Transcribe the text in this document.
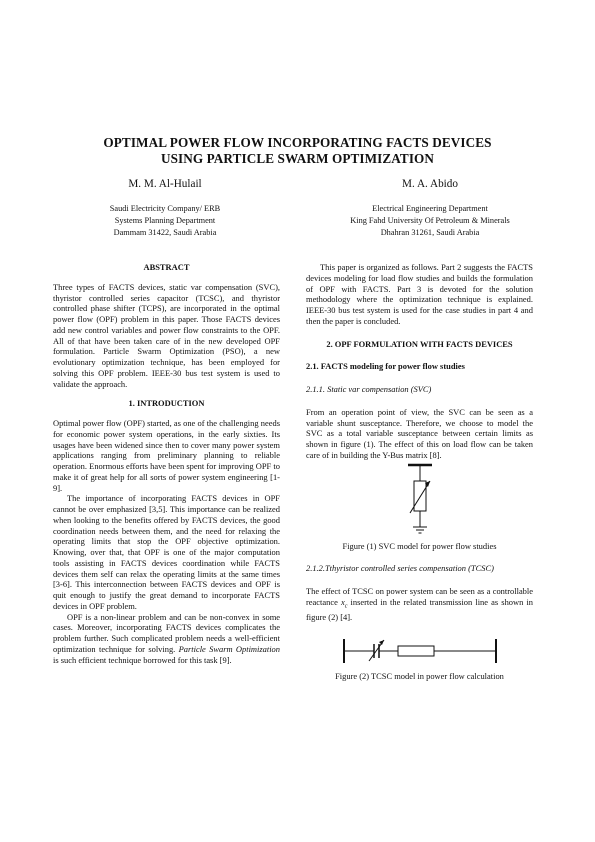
OPTIMAL POWER FLOW INCORPORATING FACTS DEVICES
USING PARTICLE SWARM OPTIMIZATION
M. M. Al-Hulail	M. A. Abido
Saudi Electricity Company/ ERB
Systems Planning Department
Dammam 31422, Saudi Arabia
Electrical Engineering Department
King Fahd University Of Petroleum & Minerals
Dhahran 31261, Saudi Arabia

ABSTRACT

Three types of FACTS devices, static var compensation (SVC), thyristor controlled series capacitor (TCSC), and thyristor controlled phase shifter (TCPS), are incorporated in the optimal power flow (OPF) problem in this paper. Those FACTS devices add new control variables and power flow constraints to the OPF. All of that have been taken care of in the new developed OPF formulation. Particle Swarm Optimization (PSO), a new evolutionary optimization technique, has been employed for solving this OPF problem. IEEE-30 bus test system is used to validate the approach.

1. INTRODUCTION

Optimal power flow (OPF) started, as one of the challenging needs for economic power system operations, in the early sixties. Its usages have been widened since then to cover many power system applications ranging from preliminary planning to reliable operation. Enormous efforts have been spent for improving OPF to make it of great help for all sorts of power system engineering [1-9].

The importance of incorporating FACTS devices in OPF cannot be over emphasized [3,5]. This importance can be realized when looking to the benefits offered by FACTS devices, the good coordination needs between them, and the need for relaxing the operating limits that stop the OPF objective optimization. Knowing, over that, that OPF is one of the major computation tools assisting in FACTS devices coordination while FACTS devices them self can relax the operating limits at the same times [3-6]. This interconnection between FACTS devices and OPF is quit enough to justify the great demand to incorporate FACTS devices in OPF problem.

OPF is a non-linear problem and can be non-convex in some cases. Moreover, incorporating FACTS devices complicates the problem further. Such complicated problem needs a well-efficient optimization technique for solving. Particle Swarm Optimization is such efficient technique borrowed for this task [9].

This paper is organized as follows. Part 2 suggests the FACTS devices modeling for load flow studies and builds the formulation of OPF with FACTS. Part 3 is devoted for the solution methodology where the optimization technique is explained. IEEE-30 bus test system is used for the case studies in part 4 and then the paper is concluded.

2. OPF FORMULATION WITH FACTS DEVICES

2.1. FACTS modeling for power flow studies

2.1.1. Static var compensation (SVC)

From an operation point of view, the SVC can be seen as a variable shunt susceptance. Therefore, we choose to model the SVC as a total variable susceptance between certain limits as shown in figure (1). The effect of this on load flow can be taken care of in building the Y-Bus matrix [8].

Figure (1) SVC model for power flow studies

2.1.2.Tthyristor controlled series compensation (TCSC)

The effect of TCSC on power system can be seen as a controllable reactance $x_c$ inserted in the related transmission line as shown in figure (2) [4].

Figure (2) TCSC model in power flow calculation
